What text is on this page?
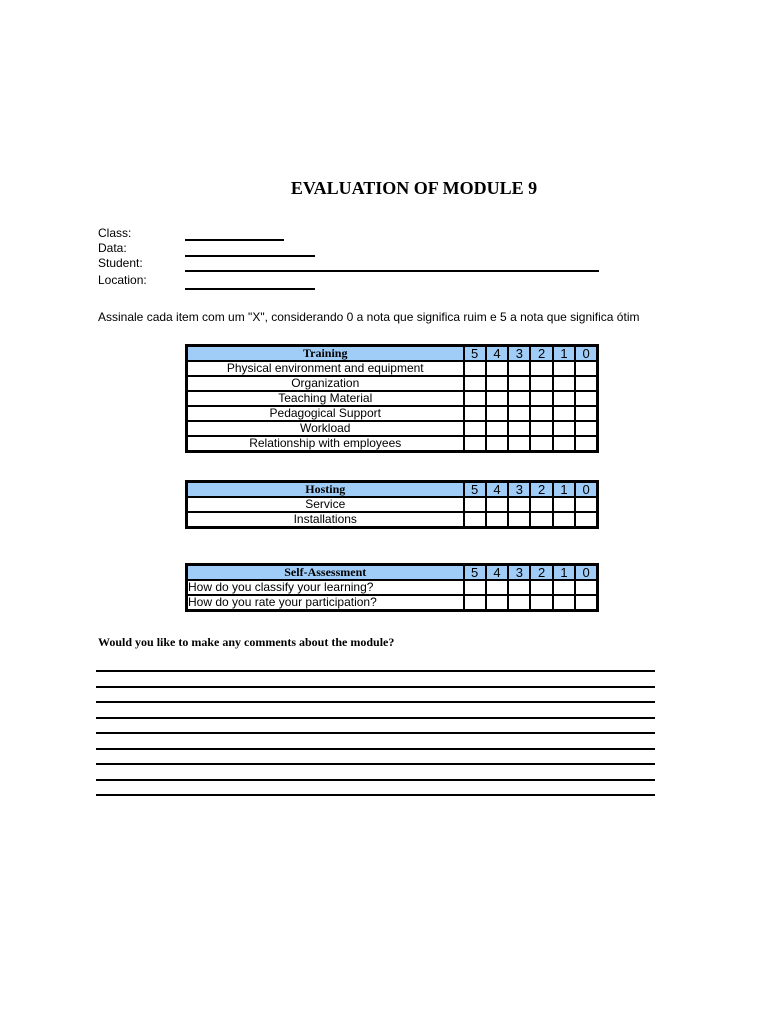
EVALUATION OF MODULE 9
Class:
Data:
Student:
Location:
Assinale cada item com um "X", considerando 0 a nota que significa ruim e 5 a nota que significa ótim
Training	5	4	3	2	1	0
Physical environment and equipment						
Organization						
Teaching Material						
Pedagogical Support						
Workload						
Relationship with employees						
Hosting	5	4	3	2	1	0
Service						
Installations						
Self-Assessment	5	4	3	2	1	0
How do you classify your learning?						
How do you rate your participation?						
Would you like to make any comments about the module?
